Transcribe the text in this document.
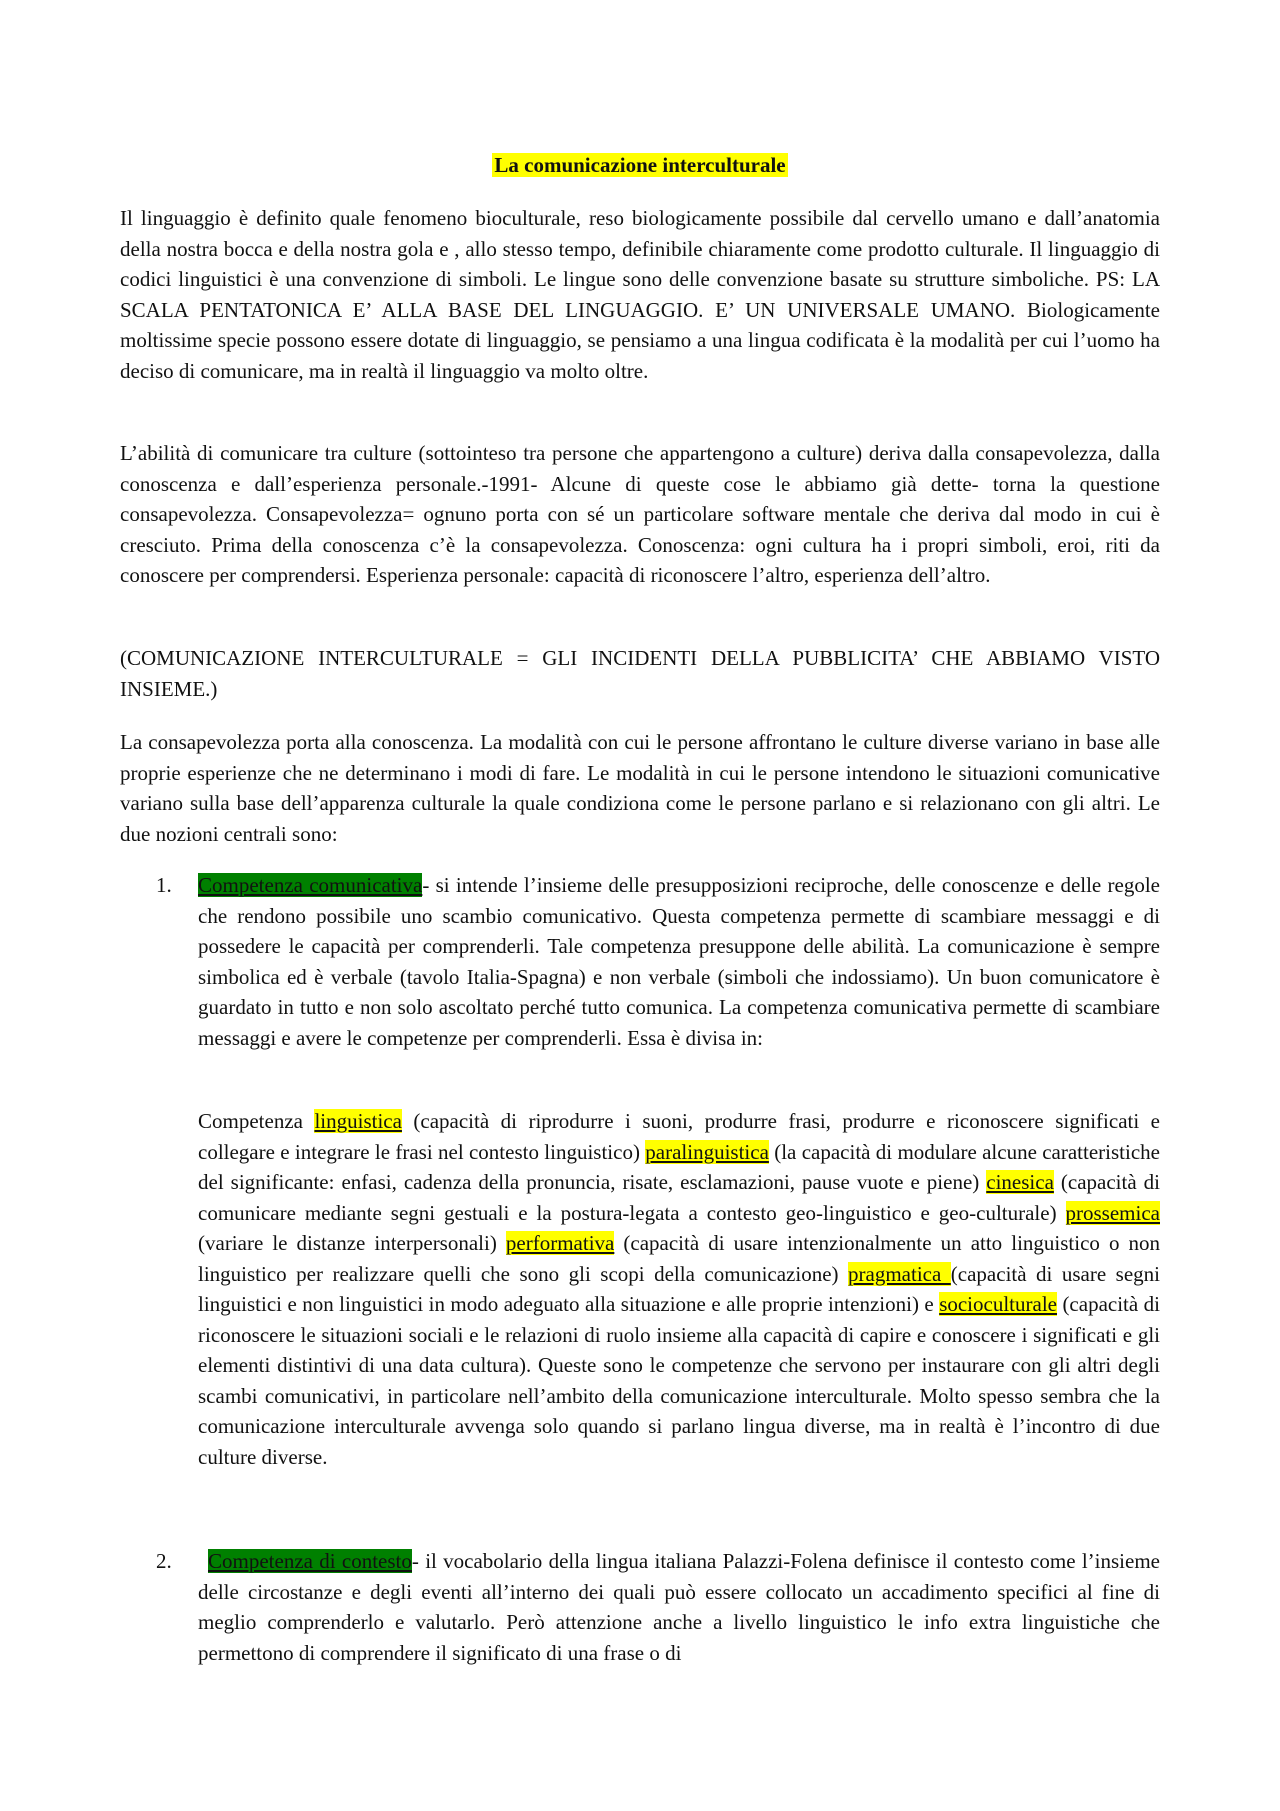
La comunicazione interculturale

Il linguaggio è definito quale fenomeno bioculturale, reso biologicamente possibile dal cervello umano e dall’anatomia della nostra bocca e della nostra gola e , allo stesso tempo, definibile chiaramente come prodotto culturale. Il linguaggio di codici linguistici è una convenzione di simboli. Le lingue sono delle convenzione basate su strutture simboliche. PS: LA SCALA PENTATONICA E’ ALLA BASE DEL LINGUAGGIO. E’ UN UNIVERSALE UMANO. Biologicamente moltissime specie possono essere dotate di linguaggio, se pensiamo a una lingua codificata è la modalità per cui l’uomo ha deciso di comunicare, ma in realtà il linguaggio va molto oltre.

L’abilità di comunicare tra culture (sottointeso tra persone che appartengono a culture) deriva dalla consapevolezza, dalla conoscenza e dall’esperienza personale.-1991- Alcune di queste cose le abbiamo già dette- torna la questione consapevolezza. Consapevolezza= ognuno porta con sé un particolare software mentale che deriva dal modo in cui è cresciuto. Prima della conoscenza c’è la consapevolezza. Conoscenza: ogni cultura ha i propri simboli, eroi, riti da conoscere per comprendersi. Esperienza personale: capacità di riconoscere l’altro, esperienza dell’altro.

(COMUNICAZIONE INTERCULTURALE = GLI INCIDENTI DELLA PUBBLICITA’ CHE ABBIAMO VISTO INSIEME.)

La consapevolezza porta alla conoscenza. La modalità con cui le persone affrontano le culture diverse variano in base alle proprie esperienze che ne determinano i modi di fare. Le modalità in cui le persone intendono le situazioni comunicative variano sulla base dell’apparenza culturale la quale condiziona come le persone parlano e si relazionano con gli altri. Le due nozioni centrali sono:

1. Competenza comunicativa- si intende l’insieme delle presupposizioni reciproche, delle conoscenze e delle regole che rendono possibile uno scambio comunicativo. Questa competenza permette di scambiare messaggi e di possedere le capacità per comprenderli. Tale competenza presuppone delle abilità. La comunicazione è sempre simbolica ed è verbale (tavolo Italia-Spagna) e non verbale (simboli che indossiamo). Un buon comunicatore è guardato in tutto e non solo ascoltato perché tutto comunica. La competenza comunicativa permette di scambiare messaggi e avere le competenze per comprenderli. Essa è divisa in:

Competenza linguistica (capacità di riprodurre i suoni, produrre frasi, produrre e riconoscere significati e collegare e integrare le frasi nel contesto linguistico) paralinguistica (la capacità di modulare alcune caratteristiche del significante: enfasi, cadenza della pronuncia, risate, esclamazioni, pause vuote e piene) cinesica (capacità di comunicare mediante segni gestuali e la postura-legata a contesto geo-linguistico e geo-culturale) prossemica (variare le distanze interpersonali) performativa (capacità di usare intenzionalmente un atto linguistico o non linguistico per realizzare quelli che sono gli scopi della comunicazione) pragmatica (capacità di usare segni linguistici e non linguistici in modo adeguato alla situazione e alle proprie intenzioni) e socioculturale (capacità di riconoscere le situazioni sociali e le relazioni di ruolo insieme alla capacità di capire e conoscere i significati e gli elementi distintivi di una data cultura). Queste sono le competenze che servono per instaurare con gli altri degli scambi comunicativi, in particolare nell’ambito della comunicazione interculturale. Molto spesso sembra che la comunicazione interculturale avvenga solo quando si parlano lingua diverse, ma in realtà è l’incontro di due culture diverse.

2.	Competenza di contesto- il vocabolario della lingua italiana Palazzi-Folena definisce il contesto come l’insieme delle circostanze e degli eventi all’interno dei quali può essere collocato un accadimento specifici al fine di meglio comprenderlo e valutarlo. Però attenzione anche a livello linguistico le info extra linguistiche che permettono di comprendere il significato di una frase o di
